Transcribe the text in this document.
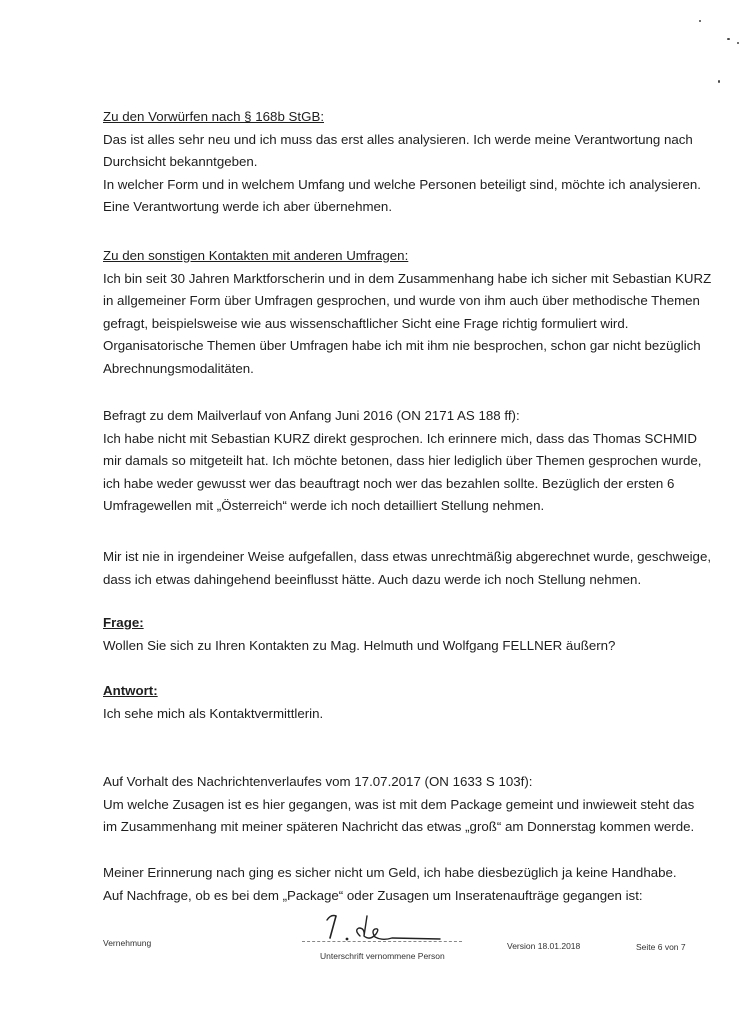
Zu den Vorwürfen nach § 168b StGB:

Das ist alles sehr neu und ich muss das erst alles analysieren. Ich werde meine Verantwortung nach

Durchsicht bekanntgeben.

In welcher Form und in welchem Umfang und welche Personen beteiligt sind, möchte ich analysieren.

Eine Verantwortung werde ich aber übernehmen.

Zu den sonstigen Kontakten mit anderen Umfragen:

Ich bin seit 30 Jahren Marktforscherin und in dem Zusammenhang habe ich sicher mit Sebastian KURZ

in allgemeiner Form über Umfragen gesprochen, und wurde von ihm auch über methodische Themen

gefragt, beispielsweise wie aus wissenschaftlicher Sicht eine Frage richtig formuliert wird.

Organisatorische Themen über Umfragen habe ich mit ihm nie besprochen, schon gar nicht bezüglich

Abrechnungsmodalitäten.

Befragt zu dem Mailverlauf von Anfang Juni 2016 (ON 2171 AS 188 ff):

Ich habe nicht mit Sebastian KURZ direkt gesprochen. Ich erinnere mich, dass das Thomas SCHMID

mir damals so mitgeteilt hat. Ich möchte betonen, dass hier lediglich über Themen gesprochen wurde,

ich habe weder gewusst wer das beauftragt noch wer das bezahlen sollte. Bezüglich der ersten 6

Umfragewellen mit „Österreich“ werde ich noch detailliert Stellung nehmen.

Mir ist nie in irgendeiner Weise aufgefallen, dass etwas unrechtmäßig abgerechnet wurde, geschweige,

dass ich etwas dahingehend beeinflusst hätte. Auch dazu werde ich noch Stellung nehmen.

Frage:

Wollen Sie sich zu Ihren Kontakten zu Mag. Helmuth und Wolfgang FELLNER äußern?

Antwort:

Ich sehe mich als Kontaktvermittlerin.

Auf Vorhalt des Nachrichtenverlaufes vom 17.07.2017 (ON 1633 S 103f):

Um welche Zusagen ist es hier gegangen, was ist mit dem Package gemeint und inwieweit steht das

im Zusammenhang mit meiner späteren Nachricht das etwas „groß“ am Donnerstag kommen werde.

Meiner Erinnerung nach ging es sicher nicht um Geld, ich habe diesbezüglich ja keine Handhabe.

Auf Nachfrage, ob es bei dem „Package“ oder Zusagen um Inseratenaufträge gegangen ist:

Vernehmung
Unterschrift vernommene Person
Version 18.01.2018	Seite 6 von 7
